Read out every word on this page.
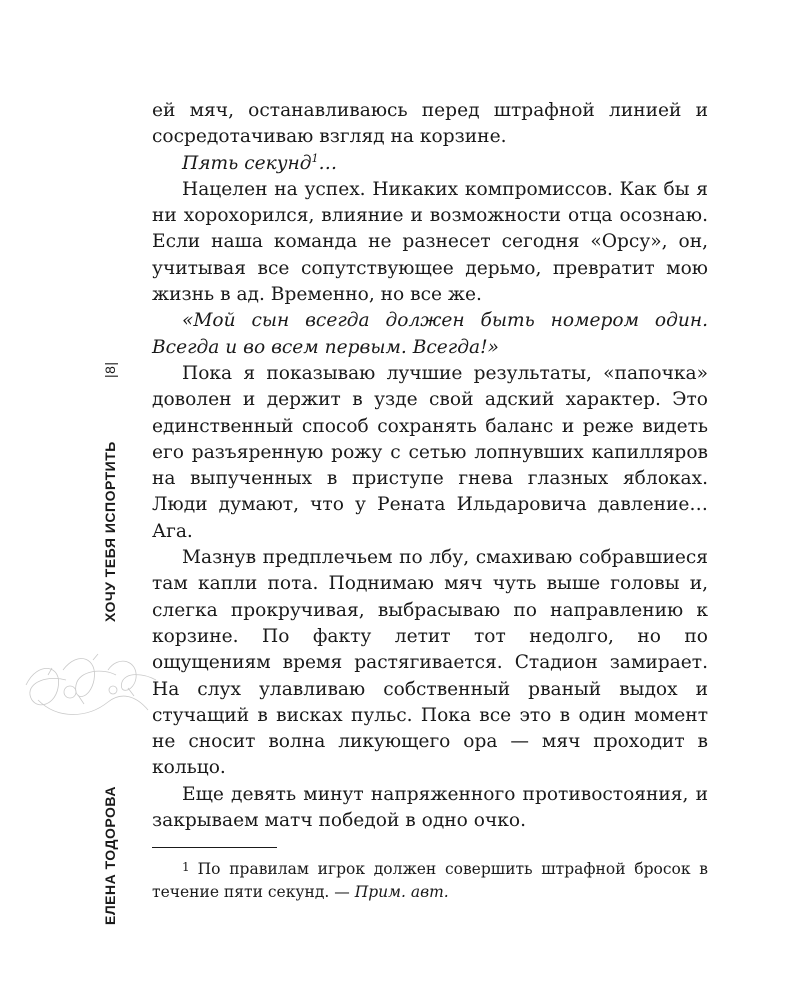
|8|
ХОЧУ ТЕБЯ ИСПОРТИТЬ
ЕЛЕНА ТОДОРОВА

ей мяч, останавливаюсь перед штрафной линией и сосредотачиваю взгляд на корзине.

Пять секунд$^1$…

Нацелен на успех. Никаких компромиссов. Как бы я ни хорохорился, влияние и возможности отца осознаю. Если наша команда не разнесет сегодня «Орсу», он, учитывая все сопутствующее дерьмо, превратит мою жизнь в ад. Временно, но все же.

«Мой сын всегда должен быть номером один. Всегда и во всем первым. Всегда!»

Пока я показываю лучшие результаты, «папочка» доволен и держит в узде свой адский характер. Это единственный способ сохранять баланс и реже видеть его разъяренную рожу с сетью лопнувших капилляров на выпученных в приступе гнева глазных яблоках. Люди думают, что у Рената Ильдаровича давление… Ага.

Мазнув предплечьем по лбу, смахиваю собравшиеся там капли пота. Поднимаю мяч чуть выше головы и, слегка прокручивая, выбрасываю по направлению к корзине. По факту летит тот недолго, но по ощущениям время растягивается. Стадион замирает. На слух улавливаю собственный рваный выдох и стучащий в висках пульс. Пока все это в один момент не сносит волна ликующего ора — мяч проходит в кольцо.

Еще девять минут напряженного противостояния, и закрываем матч победой в одно очко.

1 По правилам игрок должен совершить штрафной бросок в течение пяти секунд. — Прим. авт.
